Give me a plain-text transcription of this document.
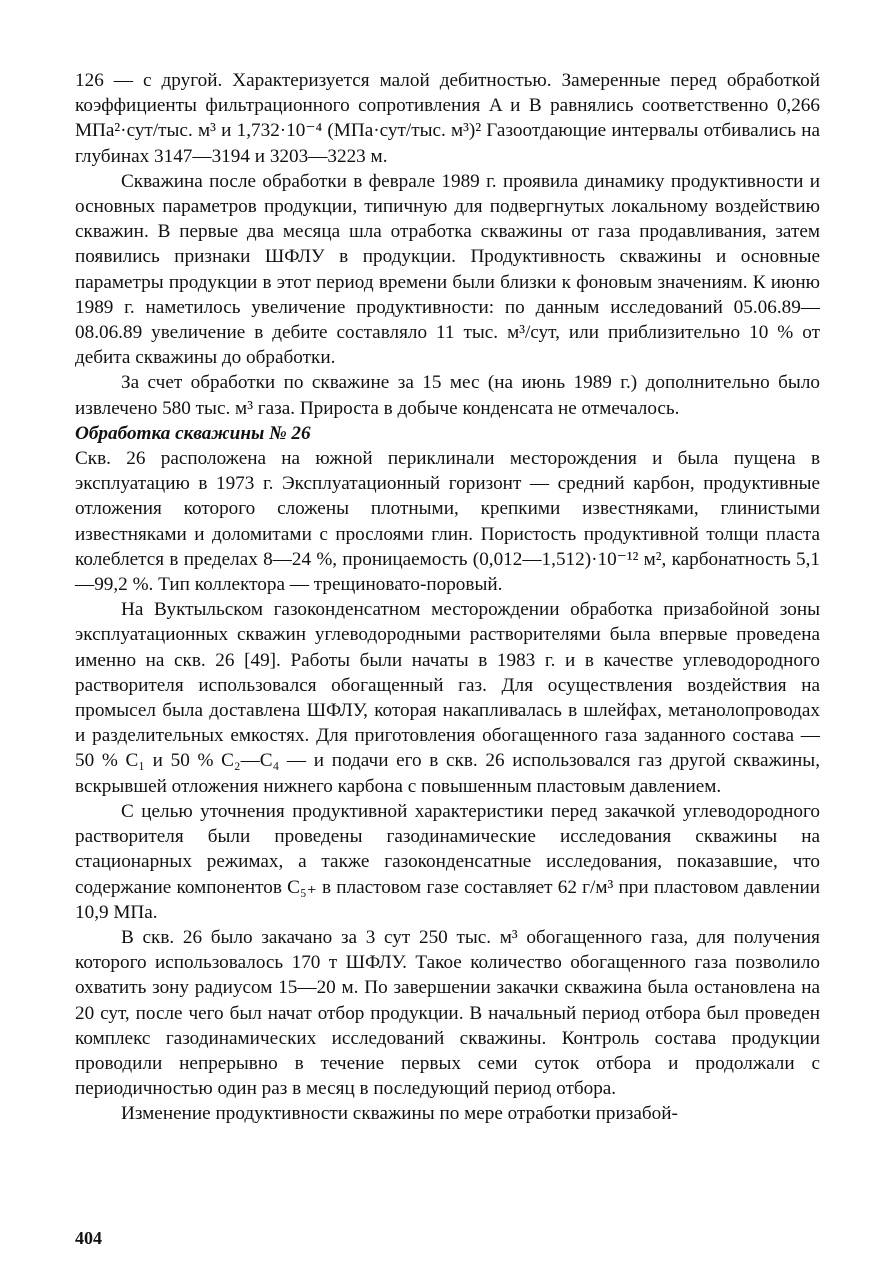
126 — с другой. Характеризуется малой дебитностью. Замеренные перед обработкой коэффициенты фильтрационного сопротивления A и B равнялись соответственно 0,266 МПа²·сут/тыс. м³ и 1,732·10⁻⁴ (МПа·сут/тыс. м³)² Газоотдающие интервалы отбивались на глубинах 3147—3194 и 3203—3223 м.

Скважина после обработки в феврале 1989 г. проявила динамику продуктивности и основных параметров продукции, типичную для подвергнутых локальному воздействию скважин. В первые два месяца шла отработка скважины от газа продавливания, затем появились признаки ШФЛУ в продукции. Продуктивность скважины и основные параметры продукции в этот период времени были близки к фоновым значениям. К июню 1989 г. наметилось увеличение продуктивности: по данным исследований 05.06.89—08.06.89 увеличение в дебите составляло 11 тыс. м³/сут, или приблизительно 10 % от дебита скважины до обработки.

За счет обработки по скважине за 15 мес (на июнь 1989 г.) дополнительно было извлечено 580 тыс. м³ газа. Прироста в добыче конденсата не отмечалось.

Обработка скважины № 26

Скв. 26 расположена на южной периклинали месторождения и была пущена в эксплуатацию в 1973 г. Эксплуатационный горизонт — средний карбон, продуктивные отложения которого сложены плотными, крепкими известняками, глинистыми известняками и доломитами с прослоями глин. Пористость продуктивной толщи пласта колеблется в пределах 8—24 %, проницаемость (0,012—1,512)·10⁻¹² м², карбонатность 5,1—99,2 %. Тип коллектора — трещиновато-поровый.

На Вуктыльском газоконденсатном месторождении обработка призабойной зоны эксплуатационных скважин углеводородными растворителями была впервые проведена именно на скв. 26 [49]. Работы были начаты в 1983 г. и в качестве углеводородного растворителя использовался обогащенный газ. Для осуществления воздействия на промысел была доставлена ШФЛУ, которая накапливалась в шлейфах, метанолопроводах и разделительных емкостях. Для приготовления обогащенного газа заданного состава — 50 % C₁ и 50 % C₂—C₄ — и подачи его в скв. 26 использовался газ другой скважины, вскрывшей отложения нижнего карбона с повышенным пластовым давлением.

С целью уточнения продуктивной характеристики перед закачкой углеводородного растворителя были проведены газодинамические исследования скважины на стационарных режимах, а также газоконденсатные исследования, показавшие, что содержание компонентов C₅₊ в пластовом газе составляет 62 г/м³ при пластовом давлении 10,9 МПа.

В скв. 26 было закачано за 3 сут 250 тыс. м³ обогащенного газа, для получения которого использовалось 170 т ШФЛУ. Такое количество обогащенного газа позволило охватить зону радиусом 15—20 м. По завершении закачки скважина была остановлена на 20 сут, после чего был начат отбор продукции. В начальный период отбора был проведен комплекс газодинамических исследований скважины. Контроль состава продукции проводили непрерывно в течение первых семи суток отбора и продолжали с периодичностью один раз в месяц в последующий период отбора.

Изменение продуктивности скважины по мере отработки призабой-

404
